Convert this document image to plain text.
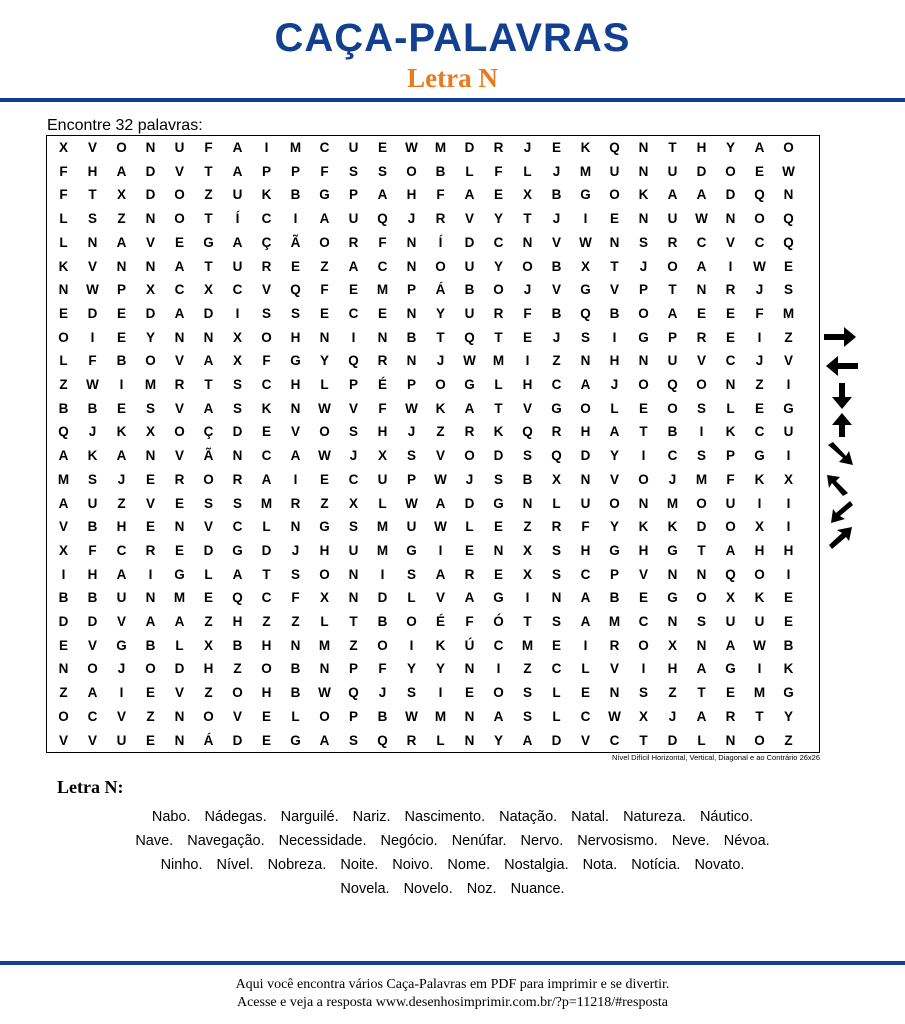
CAÇA-PALAVRAS
Letra N
Encontre 32 palavras:
X	V	O	N	U	F	A	I	M	C	U	E	W	M	D	R	J	E	K	Q	N	T	H	Y	A	O
F	H	A	D	V	T	A	P	P	F	S	S	O	B	L	F	L	J	M	U	N	U	D	O	E	W
F	T	X	D	O	Z	U	K	B	G	P	A	H	F	A	E	X	B	G	O	K	A	A	D	Q	N
L	S	Z	N	O	T	Í	C	I	A	U	Q	J	R	V	Y	T	J	I	E	N	U	W	N	O	Q
L	N	A	V	E	G	A	Ç	Ã	O	R	F	N	Í	D	C	N	V	W	N	S	R	C	V	C	Q
K	V	N	N	A	T	U	R	E	Z	A	C	N	O	U	Y	O	B	X	T	J	O	A	I	W	E
N	W	P	X	C	X	C	V	Q	F	E	M	P	Á	B	O	J	V	G	V	P	T	N	R	J	S
E	D	E	D	A	D	I	S	S	E	C	E	N	Y	U	R	F	B	Q	B	O	A	E	E	F	M
O	I	E	Y	N	N	X	O	H	N	I	N	B	T	Q	T	E	J	S	I	G	P	R	E	I	Z
L	F	B	O	V	A	X	F	G	Y	Q	R	N	J	W	M	I	Z	N	H	N	U	V	C	J	V
Z	W	I	M	R	T	S	C	H	L	P	É	P	O	G	L	H	C	A	J	O	Q	O	N	Z	I
B	B	E	S	V	A	S	K	N	W	V	F	W	K	A	T	V	G	O	L	E	O	S	L	E	G
Q	J	K	X	O	Ç	D	E	V	O	S	H	J	Z	R	K	Q	R	H	A	T	B	I	K	C	U
A	K	A	N	V	Ã	N	C	A	W	J	X	S	V	O	D	S	Q	D	Y	I	C	S	P	G	I
M	S	J	E	R	O	R	A	I	E	C	U	P	W	J	S	B	X	N	V	O	J	M	F	K	X
A	U	Z	V	E	S	S	M	R	Z	X	L	W	A	D	G	N	L	U	O	N	M	O	U	I	I
V	B	H	E	N	V	C	L	N	G	S	M	U	W	L	E	Z	R	F	Y	K	K	D	O	X	I
X	F	C	R	E	D	G	D	J	H	U	M	G	I	E	N	X	S	H	G	H	G	T	A	H	H
I	H	A	I	G	L	A	T	S	O	N	I	S	A	R	E	X	S	C	P	V	N	N	Q	O	I
B	B	U	N	M	E	Q	C	F	X	N	D	L	V	A	G	I	N	A	B	E	G	O	X	K	E
D	D	V	A	A	Z	H	Z	Z	L	T	B	O	É	F	Ó	T	S	A	M	C	N	S	U	U	E
E	V	G	B	L	X	B	H	N	M	Z	O	I	K	Ú	C	M	E	I	R	O	X	N	A	W	B
N	O	J	O	D	H	Z	O	B	N	P	F	Y	Y	N	I	Z	C	L	V	I	H	A	G	I	K
Z	A	I	E	V	Z	O	H	B	W	Q	J	S	I	E	O	S	L	E	N	S	Z	T	E	M	G
O	C	V	Z	N	O	V	E	L	O	P	B	W	M	N	A	S	L	C	W	X	J	A	R	T	Y
V	V	U	E	N	Á	D	E	G	A	S	Q	R	L	N	Y	A	D	V	C	T	D	L	N	O	Z
Nível Difícil Horizontal, Vertical, Diagonal e ao Contrário 26x26
Letra N:
Nabo. Nádegas. Narguilé. Nariz. Nascimento. Natação. Natal. Natureza. Náutico.
Nave. Navegação. Necessidade. Negócio. Nenúfar. Nervo. Nervosismo. Neve. Névoa.
Ninho. Nível. Nobreza. Noite. Noivo. Nome. Nostalgia. Nota. Notícia. Novato.
Novela. Novelo. Noz. Nuance.
Aqui você encontra vários Caça-Palavras em PDF para imprimir e se divertir.
Acesse e veja a resposta www.desenhosimprimir.com.br/?p=11218/#resposta
